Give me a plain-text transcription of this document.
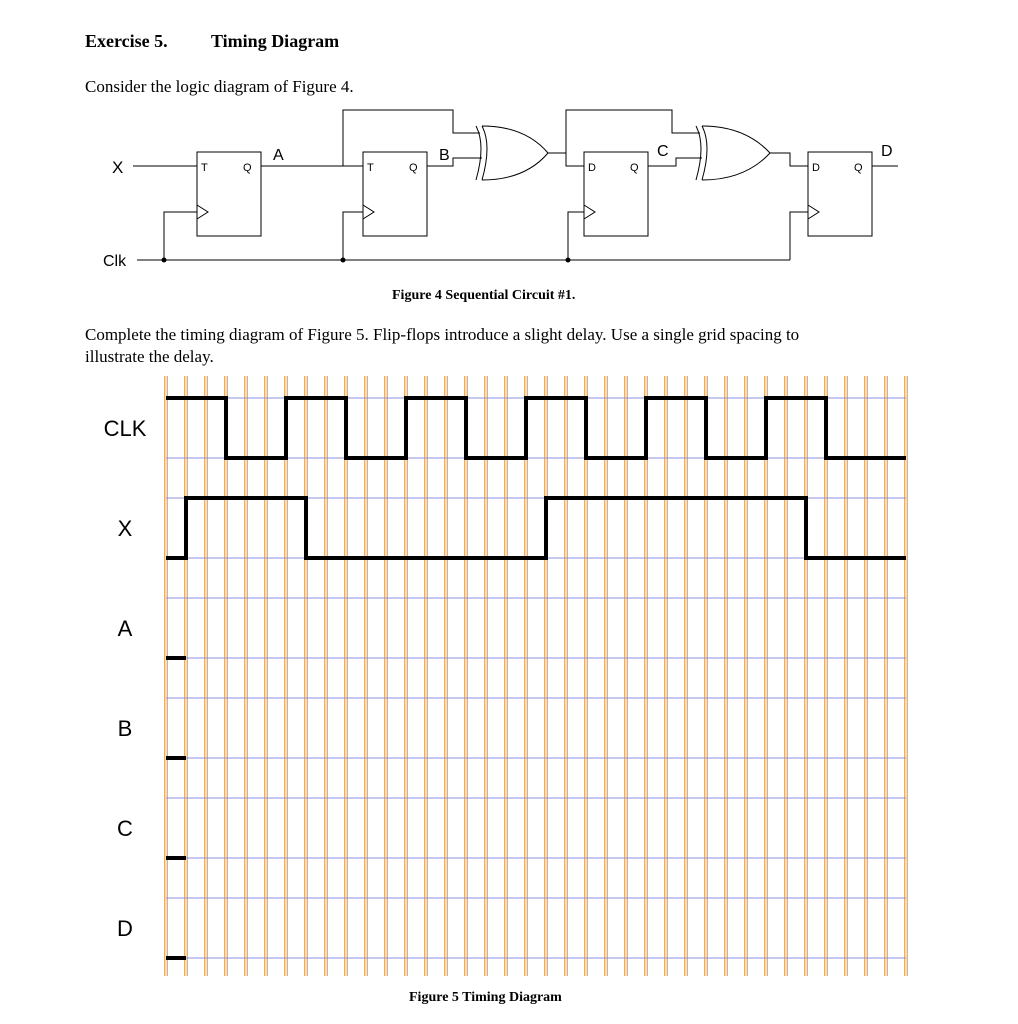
Exercise 5. Timing Diagram
Consider the logic diagram of Figure 4.
X
Clk
T	Q
A
T	Q
B
D	Q
C
D	Q
D
Figure 4 Sequential Circuit #1.
Complete the timing diagram of Figure 5. Flip-flops introduce a slight delay. Use a single grid spacing to
illustrate the delay.
CLK
X
A
B
C
D
Figure 5 Timing Diagram
